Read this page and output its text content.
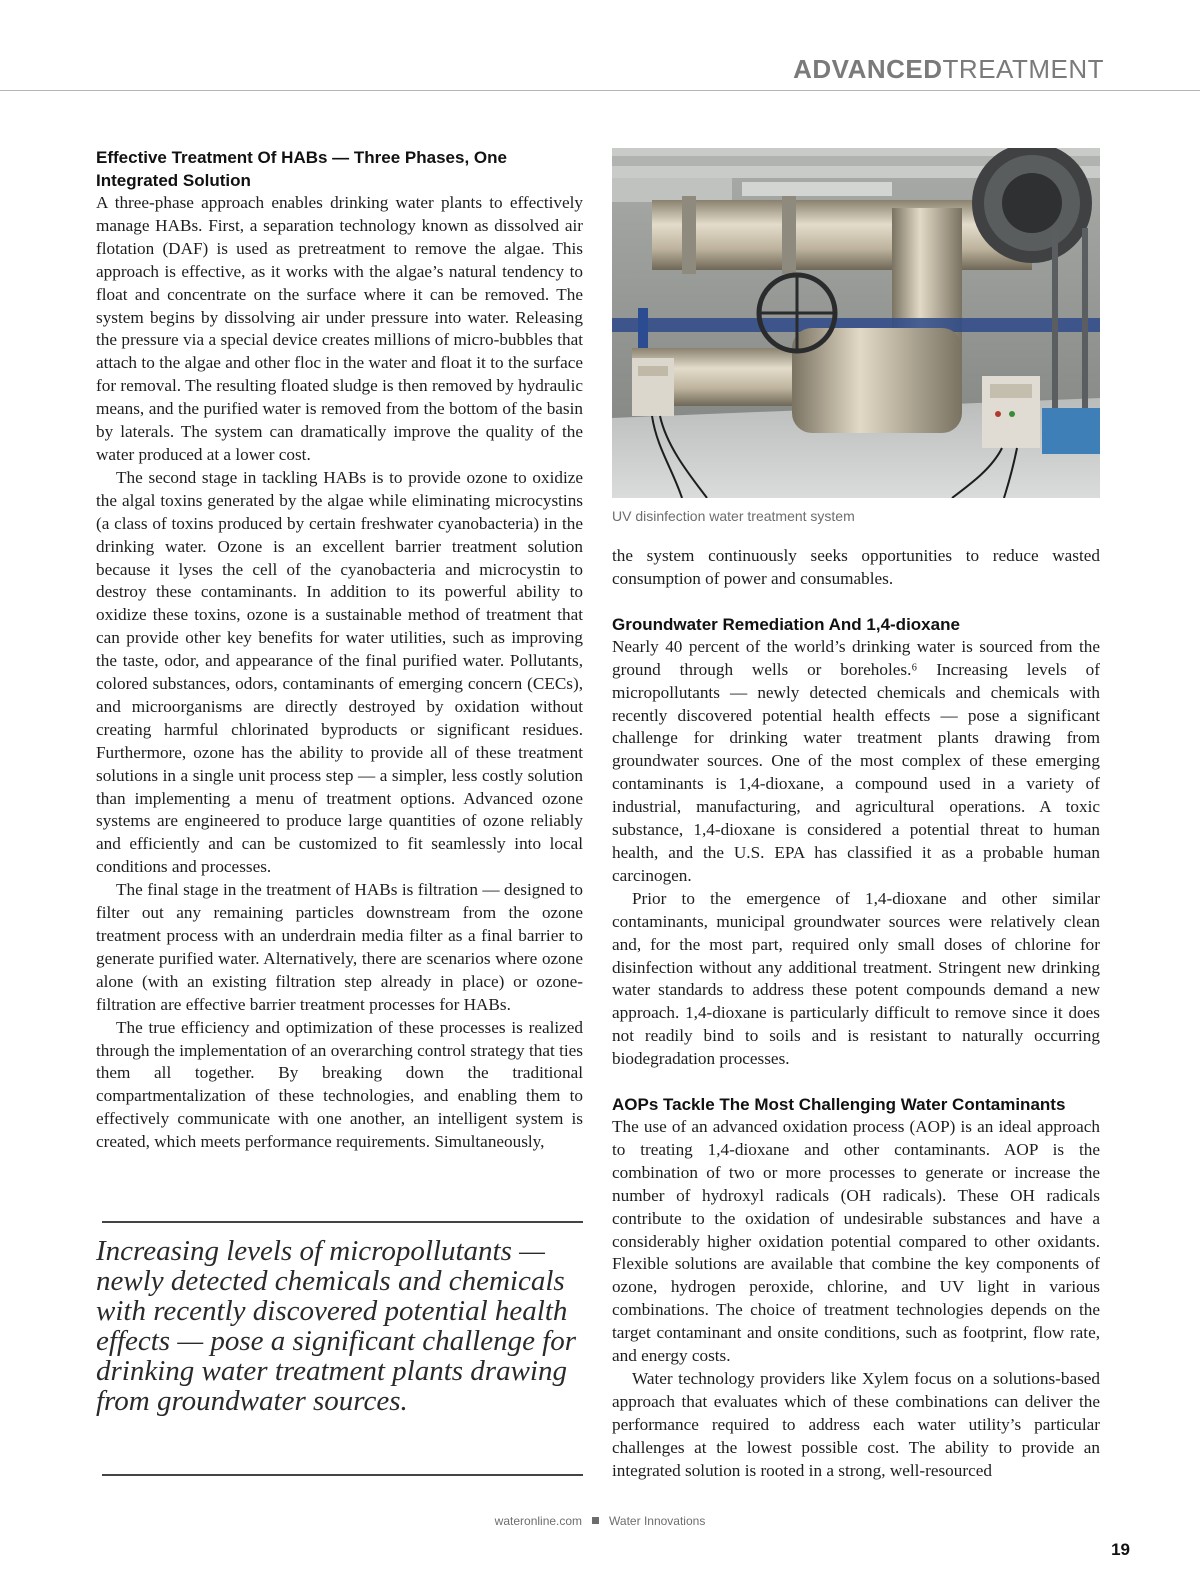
ADVANCEDTREATMENT
Effective Treatment Of HABs — Three Phases, One Integrated Solution

A three-phase approach enables drinking water plants to effectively manage HABs. First, a separation technology known as dissolved air flotation (DAF) is used as pretreatment to remove the algae. This approach is effective, as it works with the algae’s natural tendency to float and concentrate on the surface where it can be removed. The system begins by dissolving air under pressure into water. Releasing the pressure via a special device creates millions of micro-bubbles that attach to the algae and other floc in the water and float it to the surface for removal. The resulting floated sludge is then removed by hydraulic means, and the purified water is removed from the bottom of the basin by laterals. The system can dramatically improve the quality of the water produced at a lower cost.

The second stage in tackling HABs is to provide ozone to oxidize the algal toxins generated by the algae while eliminating microcystins (a class of toxins produced by certain freshwater cyanobacteria) in the drinking water. Ozone is an excellent barrier treatment solution because it lyses the cell of the cyanobacteria and microcystin to destroy these contaminants. In addition to its powerful ability to oxidize these toxins, ozone is a sustainable method of treatment that can provide other key benefits for water utilities, such as improving the taste, odor, and appearance of the final purified water. Pollutants, colored substances, odors, contaminants of emerging concern (CECs), and microorganisms are directly destroyed by oxidation without creating harmful chlorinated byproducts or significant residues. Furthermore, ozone has the ability to provide all of these treatment solutions in a single unit process step — a simpler, less costly solution than implementing a menu of treatment options. Advanced ozone systems are engineered to produce large quantities of ozone reliably and efficiently and can be customized to fit seamlessly into local conditions and processes.

The final stage in the treatment of HABs is filtration — designed to filter out any remaining particles downstream from the ozone treatment process with an underdrain media filter as a final barrier to generate purified water. Alternatively, there are scenarios where ozone alone (with an existing filtration step already in place) or ozone-filtration are effective barrier treatment processes for HABs.

The true efficiency and optimization of these processes is realized through the implementation of an overarching control strategy that ties them all together. By breaking down the traditional compartmentalization of these technologies, and enabling them to effectively communicate with one another, an intelligent system is created, which meets performance requirements. Simultaneously,

Increasing levels of micropollutants — newly detected chemicals and chemicals with recently discovered potential health effects — pose a significant challenge for drinking water treatment plants drawing from groundwater sources.

UV disinfection water treatment system

the system continuously seeks opportunities to reduce wasted consumption of power and consumables.

Groundwater Remediation And 1,4-dioxane

Nearly 40 percent of the world’s drinking water is sourced from the ground through wells or boreholes.⁶ Increasing levels of micropollutants — newly detected chemicals and chemicals with recently discovered potential health effects — pose a significant challenge for drinking water treatment plants drawing from groundwater sources. One of the most complex of these emerging contaminants is 1,4-dioxane, a compound used in a variety of industrial, manufacturing, and agricultural operations. A toxic substance, 1,4-dioxane is considered a potential threat to human health, and the U.S. EPA has classified it as a probable human carcinogen.

Prior to the emergence of 1,4-dioxane and other similar contaminants, municipal groundwater sources were relatively clean and, for the most part, required only small doses of chlorine for disinfection without any additional treatment. Stringent new drinking water standards to address these potent compounds demand a new approach. 1,4-dioxane is particularly difficult to remove since it does not readily bind to soils and is resistant to naturally occurring biodegradation processes.

AOPs Tackle The Most Challenging Water Contaminants

The use of an advanced oxidation process (AOP) is an ideal approach to treating 1,4-dioxane and other contaminants. AOP is the combination of two or more processes to generate or increase the number of hydroxyl radicals (OH radicals). These OH radicals contribute to the oxidation of undesirable substances and have a considerably higher oxidation potential compared to other oxidants. Flexible solutions are available that combine the key components of ozone, hydrogen peroxide, chlorine, and UV light in various combinations. The choice of treatment technologies depends on the target contaminant and onsite conditions, such as footprint, flow rate, and energy costs.

Water technology providers like Xylem focus on a solutions-based approach that evaluates which of these combinations can deliver the performance required to address each water utility’s particular challenges at the lowest possible cost. The ability to provide an integrated solution is rooted in a strong, well-resourced

wateronline.com Water Innovations
19
